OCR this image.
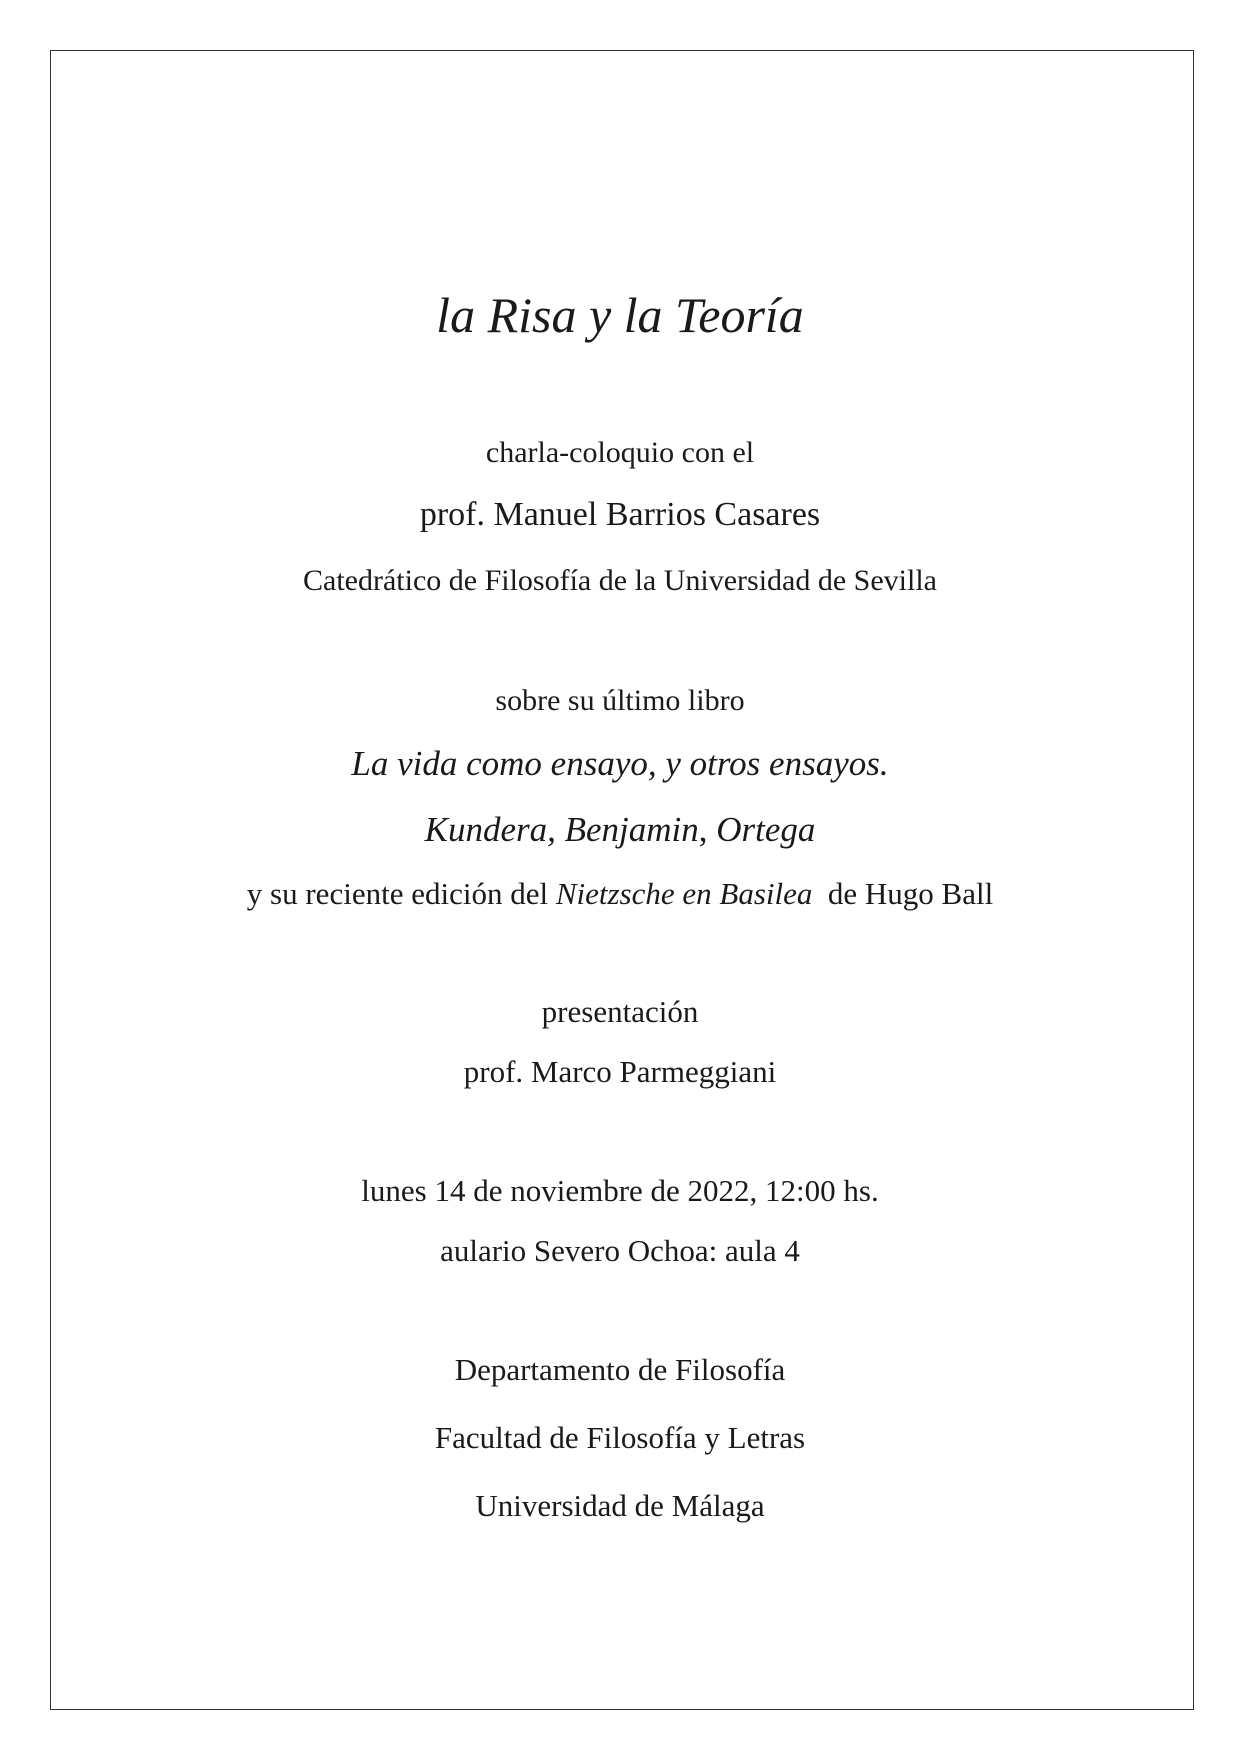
la Risa y la Teoría
charla-coloquio con el
prof. Manuel Barrios Casares
Catedrático de Filosofía de la Universidad de Sevilla
sobre su último libro
La vida como ensayo, y otros ensayos.
Kundera, Benjamin, Ortega
y su reciente edición del Nietzsche en Basilea de Hugo Ball
presentación
prof. Marco Parmeggiani
lunes 14 de noviembre de 2022, 12:00 hs.
aulario Severo Ochoa: aula 4
Departamento de Filosofía
Facultad de Filosofía y Letras
Universidad de Málaga
